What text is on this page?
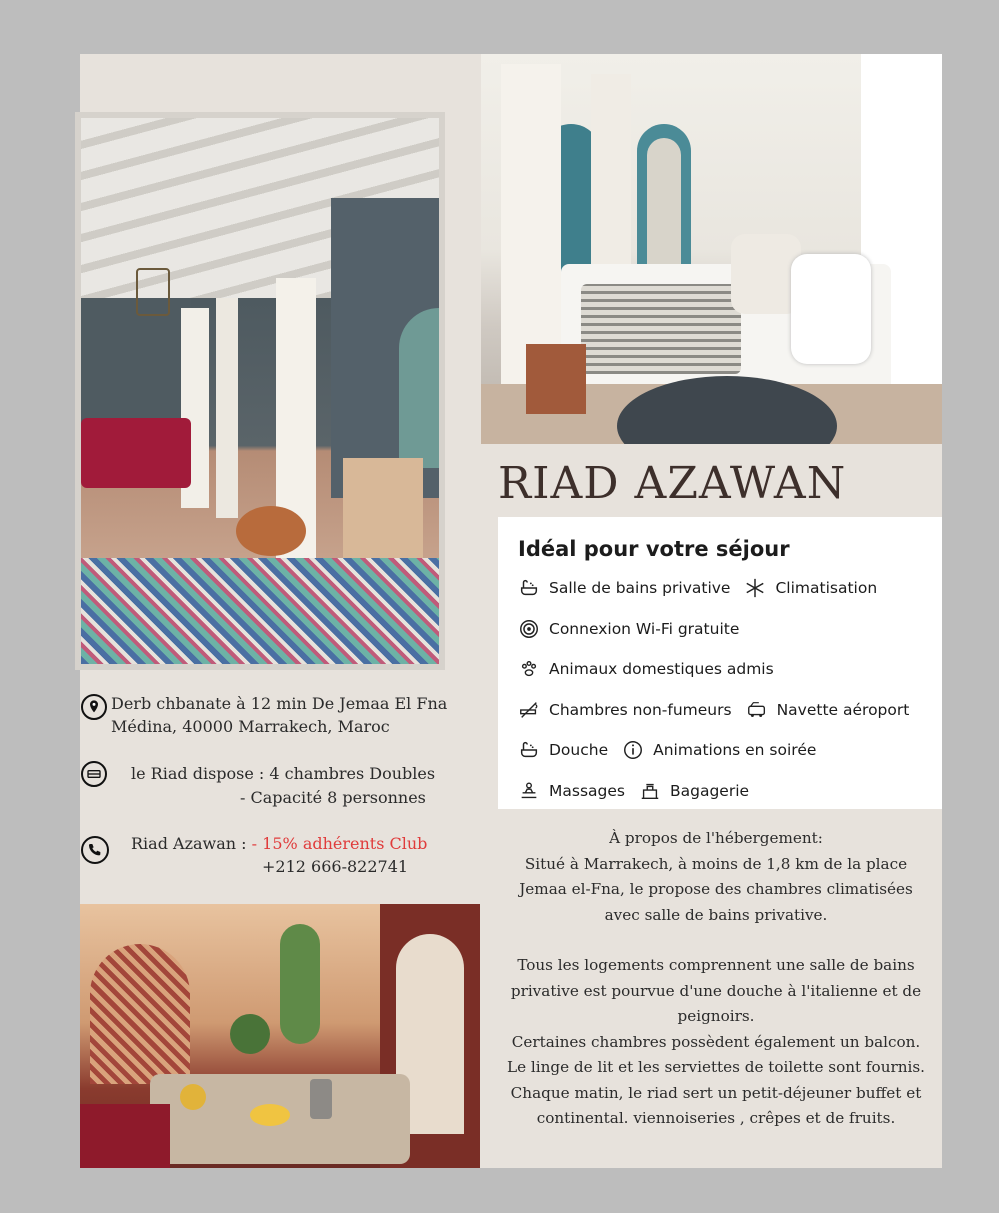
RIAD AZAWAN
Idéal pour votre séjour
Salle de bains privative	Climatisation
Connexion Wi-Fi gratuite
Animaux domestiques admis
Chambres non-fumeurs	Navette aéroport
Douche	Animations en soirée
Massages	Bagagerie
Derb chbanate à 12 min De Jemaa El Fna
Médina, 40000 Marrakech, Maroc
le Riad dispose : 4 chambres Doubles
- Capacité 8 personnes
Riad Azawan : - 15% adhérents Club
+212 666-822741

À propos de l'hébergement:

Situé à Marrakech, à moins de 1,8 km de la place

Jemaa el-Fna, le propose des chambres climatisées

avec salle de bains privative.

Tous les logements comprennent une salle de bains

privative est pourvue d'une douche à l'italienne et de

peignoirs.

Certaines chambres possèdent également un balcon.

Le linge de lit et les serviettes de toilette sont fournis.

Chaque matin, le riad sert un petit-déjeuner buffet et

continental. viennoiseries , crêpes et de fruits.
